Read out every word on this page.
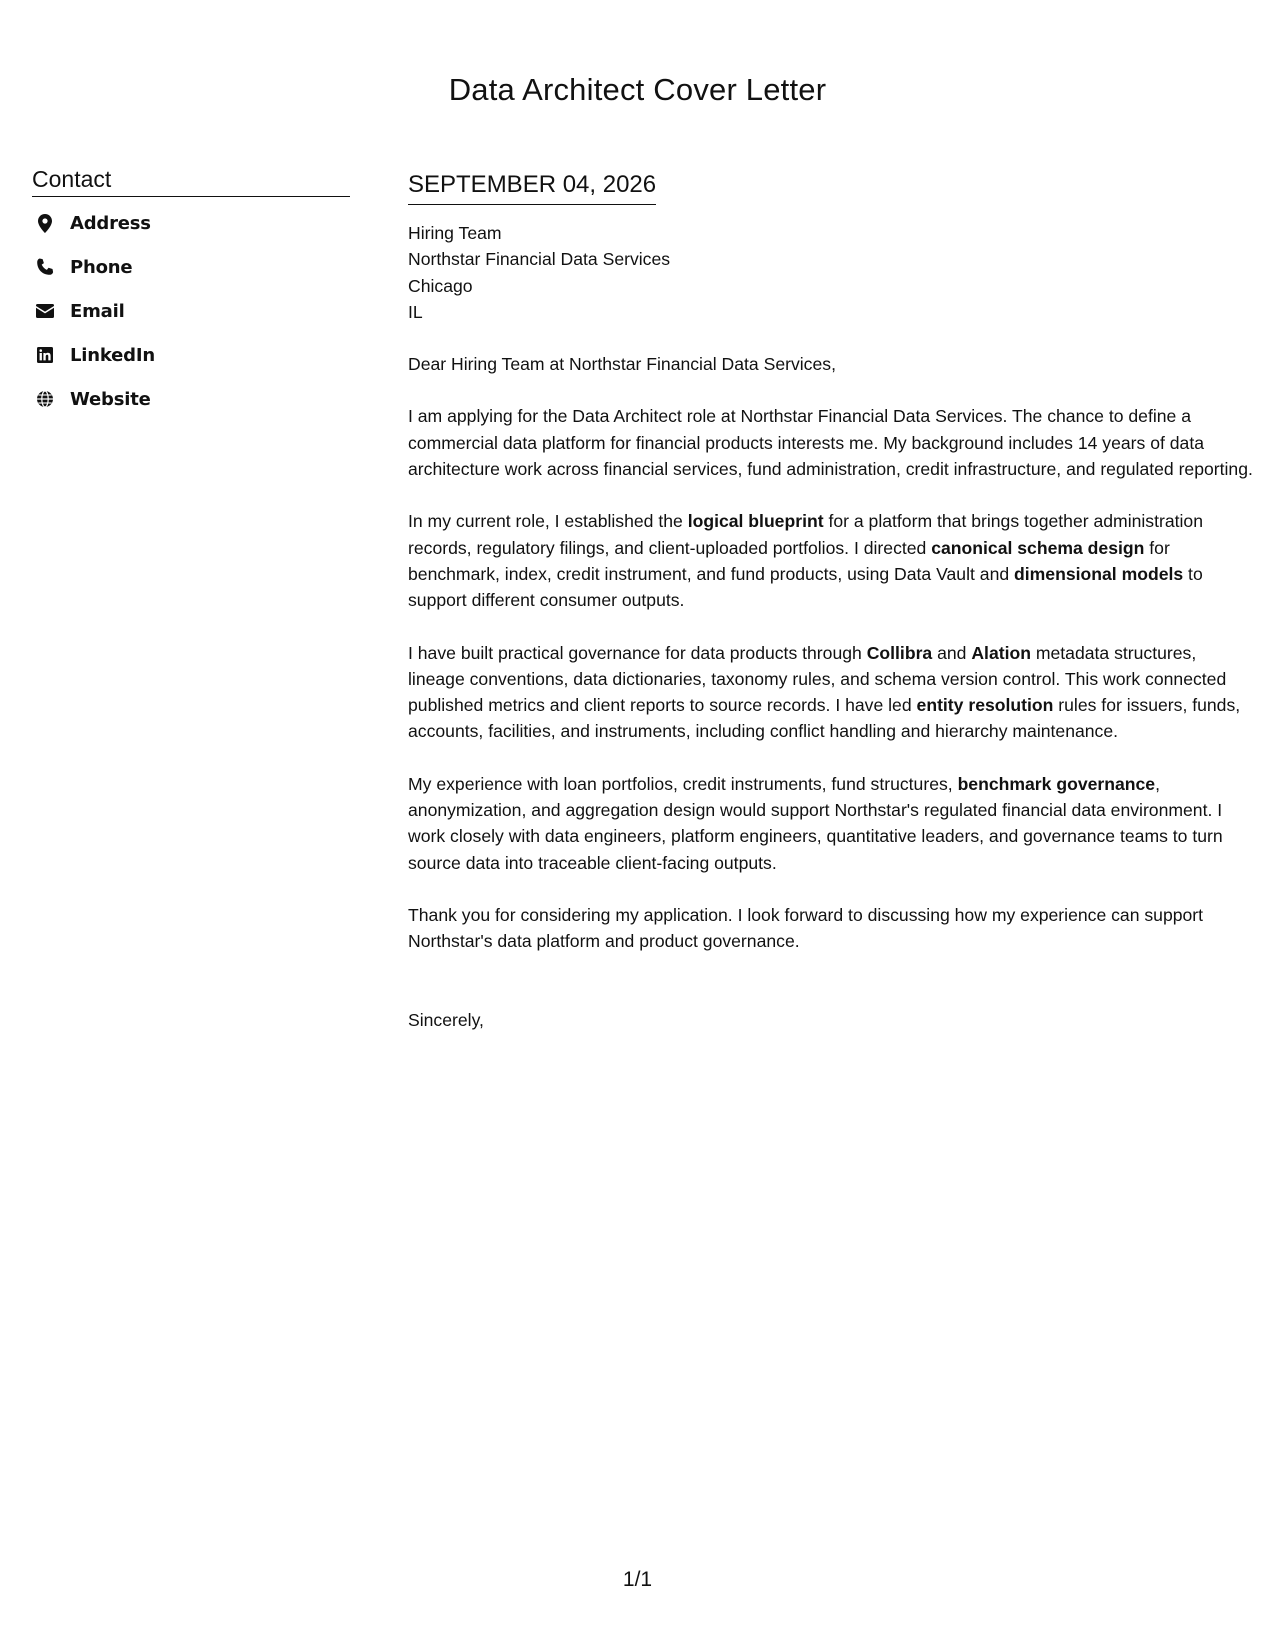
Data Architect Cover Letter
Contact
Address
Phone
Email
LinkedIn
Website
SEPTEMBER 04, 2026
Hiring Team
Northstar Financial Data Services
Chicago
IL
Dear Hiring Team at Northstar Financial Data Services,

I am applying for the Data Architect role at Northstar Financial Data Services. The chance to define a commercial data platform for financial products interests me. My background includes 14 years of data architecture work across financial services, fund administration, credit infrastructure, and regulated reporting.

In my current role, I established the logical blueprint for a platform that brings together administration records, regulatory filings, and client-uploaded portfolios. I directed canonical schema design for benchmark, index, credit instrument, and fund products, using Data Vault and dimensional models to support different consumer outputs.

I have built practical governance for data products through Collibra and Alation metadata structures, lineage conventions, data dictionaries, taxonomy rules, and schema version control. This work connected published metrics and client reports to source records. I have led entity resolution rules for issuers, funds, accounts, facilities, and instruments, including conflict handling and hierarchy maintenance.

My experience with loan portfolios, credit instruments, fund structures, benchmark governance, anonymization, and aggregation design would support Northstar's regulated financial data environment. I work closely with data engineers, platform engineers, quantitative leaders, and governance teams to turn source data into traceable client-facing outputs.

Thank you for considering my application. I look forward to discussing how my experience can support Northstar's data platform and product governance.

Sincerely,
1/1
